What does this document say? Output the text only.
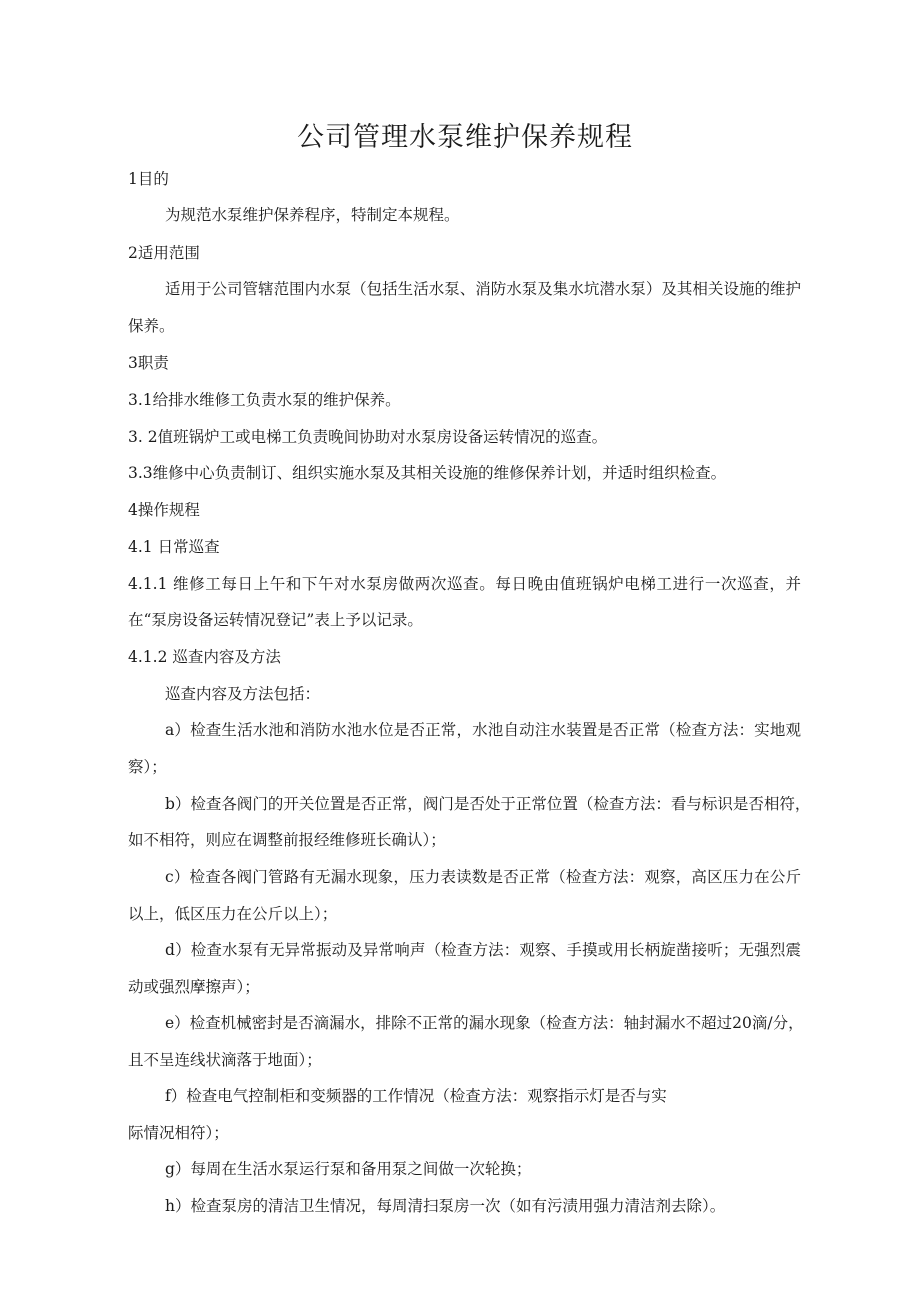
公司管理水泵维护保养规程
1目的
为规范水泵维护保养程序，特制定本规程。
2适用范围
适用于公司管辖范围内水泵（包括生活水泵、消防水泵及集水坑潜水泵）及其相关设施的维护
保养。
3职责
3.1给排水维修工负责水泵的维护保养。
3. 2值班锅炉工或电梯工负责晚间协助对水泵房设备运转情况的巡查。
3.3维修中心负责制订、组织实施水泵及其相关设施的维修保养计划，并适时组织检查。
4操作规程
4.1 日常巡查
4.1.1 维修工每日上午和下午对水泵房做两次巡查。每日晚由值班锅炉电梯工进行一次巡查，并
在“泵房设备运转情况登记”表上予以记录。
4.1.2 巡查内容及方法
巡查内容及方法包括：
a）检查生活水池和消防水池水位是否正常，水池自动注水装置是否正常（检查方法：实地观
察）；
b）检查各阀门的开关位置是否正常，阀门是否处于正常位置（检查方法：看与标识是否相符，
如不相符，则应在调整前报经维修班长确认）；
c）检查各阀门管路有无漏水现象，压力表读数是否正常（检查方法：观察，高区压力在公斤
以上，低区压力在公斤以上）；
d）检查水泵有无异常振动及异常响声（检查方法：观察、手摸或用长柄旋凿接听；无强烈震
动或强烈摩擦声）；
e）检查机械密封是否滴漏水，排除不正常的漏水现象（检查方法：轴封漏水不超过20滴/分，
且不呈连线状滴落于地面）；
f）检查电气控制柜和变频器的工作情况（检查方法：观察指示灯是否与实
际情况相符）；
g）每周在生活水泵运行泵和备用泵之间做一次轮换；
h）检查泵房的清洁卫生情况，每周清扫泵房一次（如有污渍用强力清洁剂去除）。
